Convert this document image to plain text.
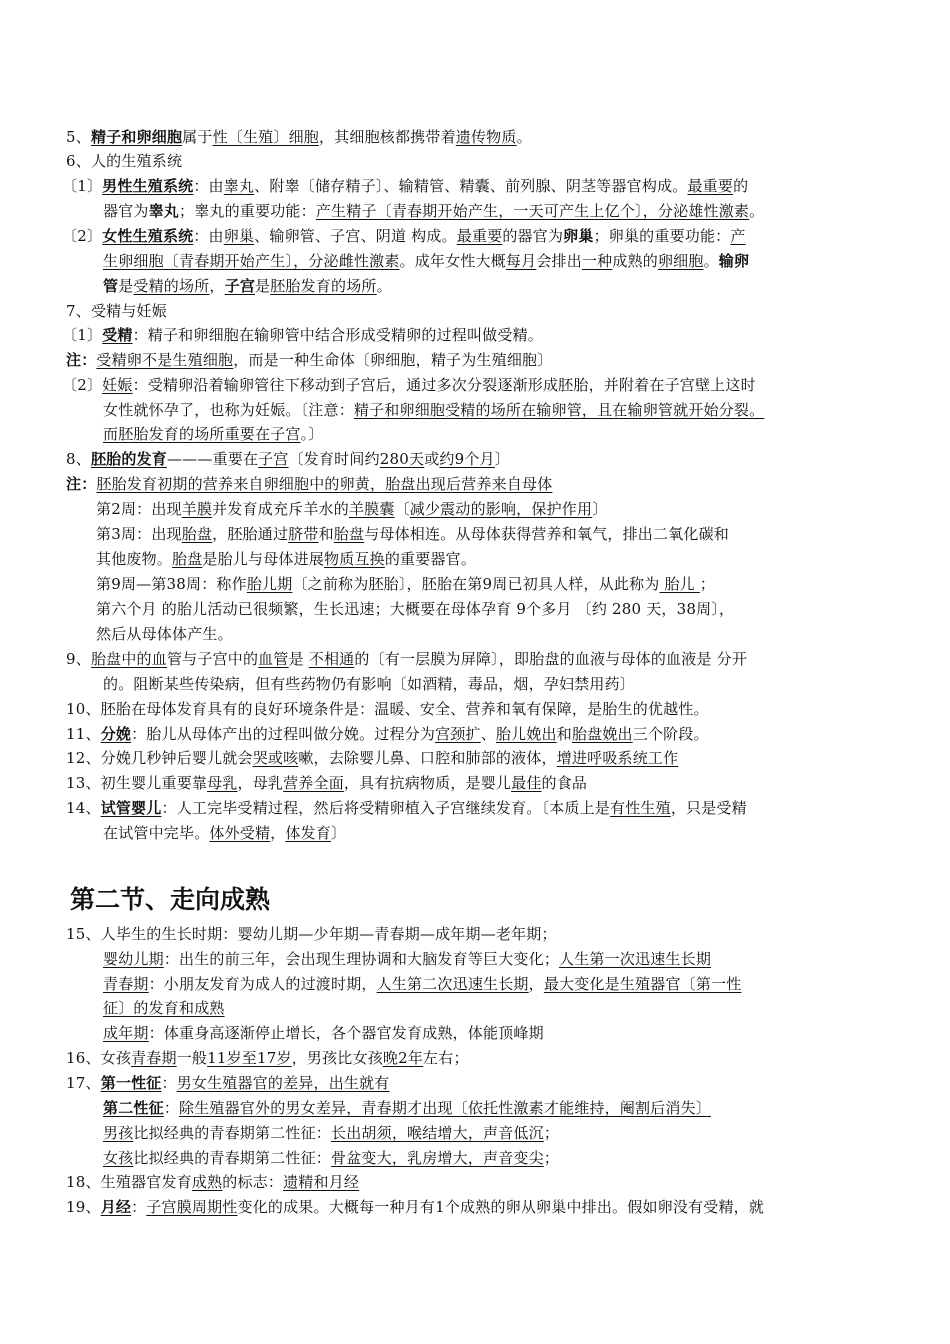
5、精子和卵细胞属于性〔生殖〕细胞，其细胞核都携带着遗传物质。
6、人的生殖系统
〔1〕男性生殖系统：由睾丸、附睾〔储存精子〕、输精管、精囊、前列腺、阴茎等器官构成。最重要的
器官为睾丸；睾丸的重要功能：产生精子〔青春期开始产生，一天可产生上亿个〕，分泌雄性激素。
〔2〕女性生殖系统：由卵巢、输卵管、子宫、阴道 构成。最重要的器官为卵巢；卵巢的重要功能：产
生卵细胞〔青春期开始产生〕，分泌雌性激素。成年女性大概每月会排出一种成熟的卵细胞。输卵
管是受精的场所，子宫是胚胎发育的场所。
7、受精与妊娠
〔1〕受精：精子和卵细胞在输卵管中结合形成受精卵的过程叫做受精。
注：受精卵不是生殖细胞，而是一种生命体〔卵细胞，精子为生殖细胞〕
〔2〕妊娠：受精卵沿着输卵管往下移动到子宫后，通过多次分裂逐渐形成胚胎，并附着在子宫壁上这时
女性就怀孕了，也称为妊娠。〔注意：精子和卵细胞受精的场所在输卵管，且在输卵管就开始分裂。
而胚胎发育的场所重要在子宫。〕
8、胚胎的发育———重要在子宫〔发育时间约280天或约9个月〕
注：胚胎发育初期的营养来自卵细胞中的卵黄，胎盘出现后营养来自母体
第2周：出现羊膜并发育成充斥羊水的羊膜囊〔减少震动的影响，保护作用〕
第3周：出现胎盘，胚胎通过脐带和胎盘与母体相连。从母体获得营养和氧气，排出二氧化碳和
其他废物。胎盘是胎儿与母体进展物质互换的重要器官。
第9周—第38周：称作胎儿期〔之前称为胚胎〕，胚胎在第9周已初具人样，从此称为 胎儿 ；
第六个月 的胎儿活动已很频繁，生长迅速；大概要在母体孕育 9个多月 〔约 280 天，38周〕，
然后从母体体产生。
9、胎盘中的血管与子宫中的血管是 不相通的〔有一层膜为屏障〕，即胎盘的血液与母体的血液是 分开
的。阻断某些传染病，但有些药物仍有影响〔如酒精，毒品，烟，孕妇禁用药〕
10、胚胎在母体发育具有的良好环境条件是：温暖、安全、营养和氧有保障，是胎生的优越性。
11、分娩：胎儿从母体产出的过程叫做分娩。过程分为宫颈扩、胎儿娩出和胎盘娩出三个阶段。
12、分娩几秒钟后婴儿就会哭或咳嗽，去除婴儿鼻、口腔和肺部的液体，增进呼吸系统工作
13、初生婴儿重要靠母乳，母乳营养全面，具有抗病物质，是婴儿最佳的食品
14、试管婴儿：人工完毕受精过程，然后将受精卵植入子宫继续发育。〔本质上是有性生殖，只是受精
在试管中完毕。体外受精，体发育〕
15、人毕生的生长时期：婴幼儿期—少年期—青春期—成年期—老年期；
婴幼儿期：出生的前三年，会出现生理协调和大脑发育等巨大变化；人生第一次迅速生长期
青春期：小朋友发育为成人的过渡时期，人生第二次迅速生长期，最大变化是生殖器官〔第一性
征〕的发育和成熟
成年期：体重身高逐渐停止增长，各个器官发育成熟，体能顶峰期
16、女孩青春期一般11岁至17岁，男孩比女孩晚2年左右；
17、第一性征：男女生殖器官的差异，出生就有
第二性征：除生殖器官外的男女差异，青春期才出现〔依托性激素才能维持，阉割后消失〕
男孩比拟经典的青春期第二性征：长出胡须，喉结增大，声音低沉；
女孩比拟经典的青春期第二性征：骨盆变大，乳房增大，声音变尖；
18、生殖器官发育成熟的标志：遗精和月经
19、月经：子宫膜周期性变化的成果。大概每一种月有1个成熟的卵从卵巢中排出。假如卵没有受精，就
第二节、走向成熟
